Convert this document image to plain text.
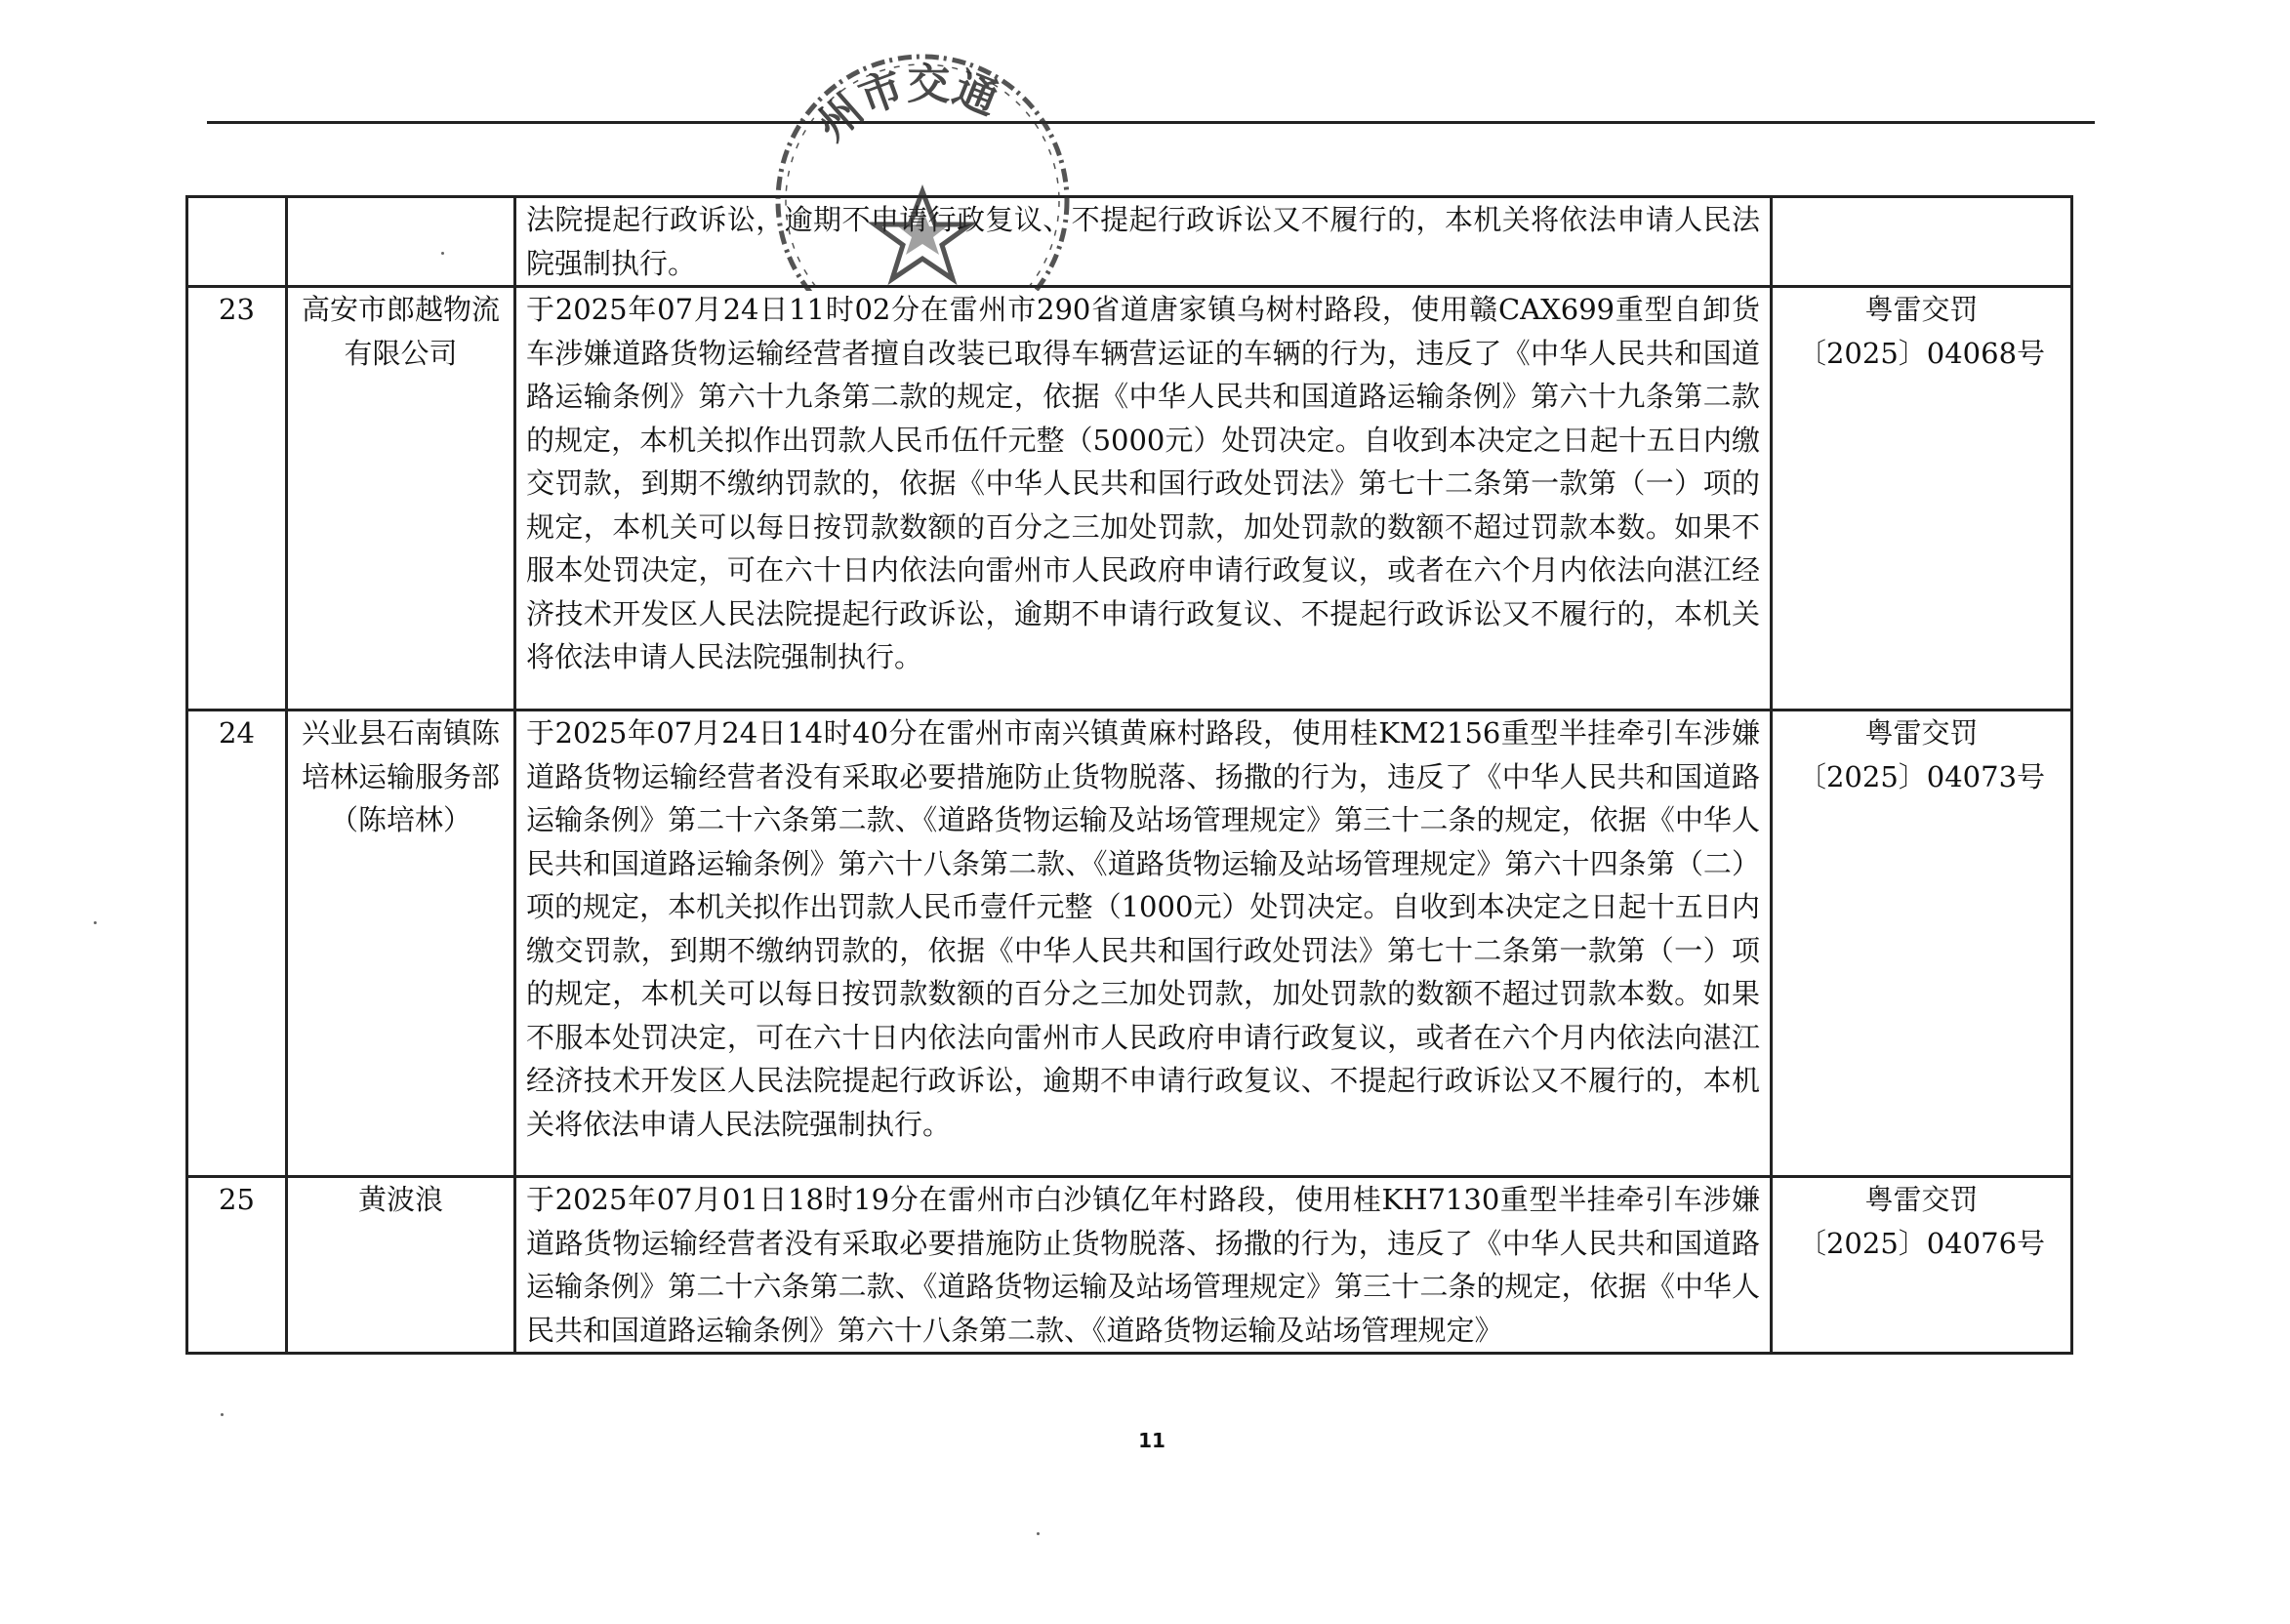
		法院提起行政诉讼，逾期不申请行政复议、不提起行政诉讼又不履行的，本机关将依法申请人民法院强制执行。	

23	高安市郎越物流有限公司	于2025年07月24日11时02分在雷州市290省道唐家镇乌树村路段，使用赣CAX699重型自卸货车涉嫌道路货物运输经营者擅自改装已取得车辆营运证的车辆的行为，违反了《中华人民共和国道路运输条例》第六十九条第二款的规定，依据《中华人民共和国道路运输条例》第六十九条第二款的规定，本机关拟作出罚款人民币伍仟元整（5000元）处罚决定。自收到本决定之日起十五日内缴交罚款，到期不缴纳罚款的，依据《中华人民共和国行政处罚法》第七十二条第一款第（一）项的规定，本机关可以每日按罚款数额的百分之三加处罚款，加处罚款的数额不超过罚款本数。如果不服本处罚决定，可在六十日内依法向雷州市人民政府申请行政复议，或者在六个月内依法向湛江经济技术开发区人民法院提起行政诉讼，逾期不申请行政复议、不提起行政诉讼又不履行的，本机关将依法申请人民法院强制执行。	粤雷交罚
〔2025〕04068号

24	兴业县石南镇陈培林运输服务部（陈培林）	于2025年07月24日14时40分在雷州市南兴镇黄麻村路段，使用桂KM2156重型半挂牵引车涉嫌道路货物运输经营者没有采取必要措施防止货物脱落、扬撒的行为，违反了《中华人民共和国道路运输条例》第二十六条第二款、《道路货物运输及站场管理规定》第三十二条的规定，依据《中华人民共和国道路运输条例》第六十八条第二款、《道路货物运输及站场管理规定》第六十四条第（二）项的规定，本机关拟作出罚款人民币壹仟元整（1000元）处罚决定。自收到本决定之日起十五日内缴交罚款，到期不缴纳罚款的，依据《中华人民共和国行政处罚法》第七十二条第一款第（一）项的规定，本机关可以每日按罚款数额的百分之三加处罚款，加处罚款的数额不超过罚款本数。如果不服本处罚决定，可在六十日内依法向雷州市人民政府申请行政复议，或者在六个月内依法向湛江经济技术开发区人民法院提起行政诉讼，逾期不申请行政复议、不提起行政诉讼又不履行的，本机关将依法申请人民法院强制执行。	粤雷交罚
〔2025〕04073号

25	黄波浪	于2025年07月01日18时19分在雷州市白沙镇亿年村路段，使用桂KH7130重型半挂牵引车涉嫌道路货物运输经营者没有采取必要措施防止货物脱落、扬撒的行为，违反了《中华人民共和国道路运输条例》第二十六条第二款、《道路货物运输及站场管理规定》第三十二条的规定，依据《中华人民共和国道路运输条例》第六十八条第二款、《道路货物运输及站场管理规定》	粤雷交罚
〔2025〕04076号
州市交通
11
